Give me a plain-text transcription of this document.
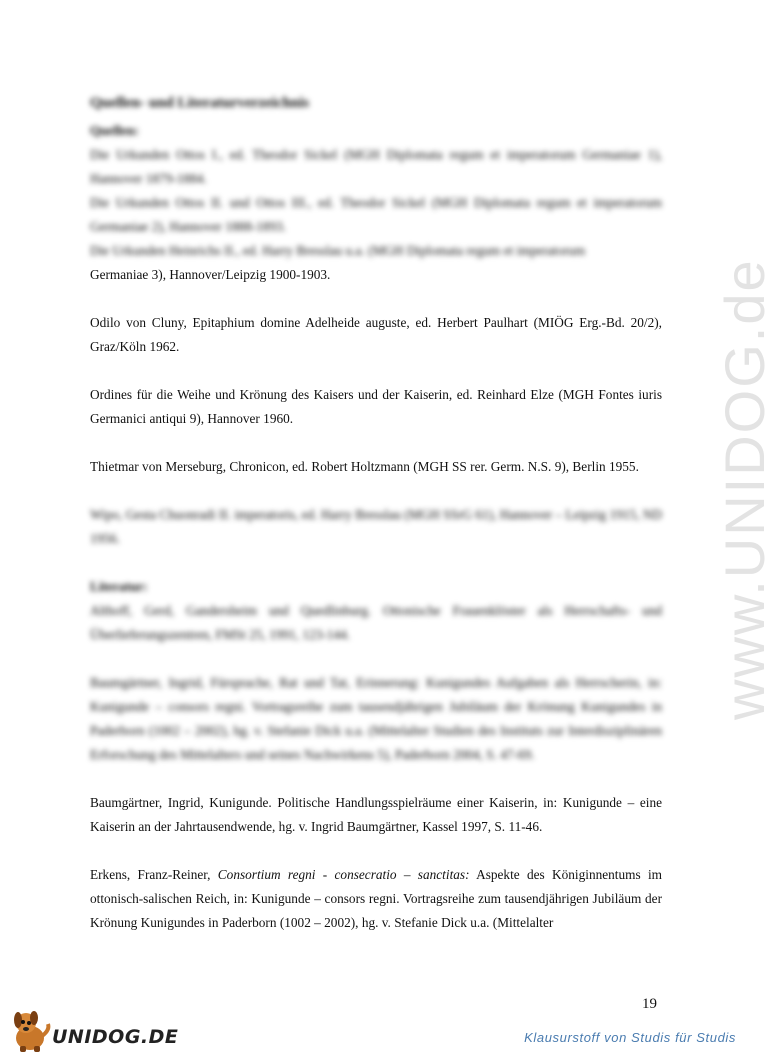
www.UNIDOG.de

Quellen- und Literaturverzeichnis

Quellen:

Die Urkunden Ottos I., ed. Theodor Sickel (MGH Diplomata regum et imperatorum Germaniae 1), Hannover 1879-1884.

Die Urkunden Ottos II. und Ottos III., ed. Theodor Sickel (MGH Diplomata regum et imperatorum Germaniae 2), Hannover 1888-1893.

Die Urkunden Heinrichs II., ed. Harry Bresslau u.a. (MGH Diplomata regum et imperatorum

Germaniae 3), Hannover/Leipzig 1900-1903.

Odilo von Cluny, Epitaphium domine Adelheide auguste, ed. Herbert Paulhart (MIÖG Erg.-Bd. 20/2), Graz/Köln 1962.

Ordines für die Weihe und Krönung des Kaisers und der Kaiserin, ed. Reinhard Elze (MGH Fontes iuris Germanici antiqui 9), Hannover 1960.

Thietmar von Merseburg, Chronicon, ed. Robert Holtzmann (MGH SS rer. Germ. N.S. 9), Berlin 1955.

Wipo, Gesta Chuonradi II. imperatoris, ed. Harry Bresslau (MGH SSrG 61), Hannover – Leipzig 1915, ND 1956.

Literatur:

Althoff, Gerd, Gandersheim und Quedlinburg. Ottonische Frauenklöster als Herrschafts- und Überlieferungszentren, FMSt 25, 1991, 123-144.

Baumgärtner, Ingrid, Fürsprache, Rat und Tat, Erinnerung: Kunigundes Aufgaben als Herrscherin, in: Kunigunde – consors regni. Vortragsreihe zum tausendjährigen Jubiläum der Krönung Kunigundes in Paderborn (1002 – 2002), hg. v. Stefanie Dick u.a. (Mittelalter Studien des Instituts zur Interdisziplinären Erforschung des Mittelalters und seines Nachwirkens 5), Paderborn 2004, S. 47-69.

Baumgärtner, Ingrid, Kunigunde. Politische Handlungsspielräume einer Kaiserin, in: Kunigunde – eine Kaiserin an der Jahrtausendwende, hg. v. Ingrid Baumgärtner, Kassel 1997, S. 11-46.

Erkens, Franz-Reiner, Consortium regni - consecratio – sanctitas: Aspekte des Königinnentums im ottonisch-salischen Reich, in: Kunigunde – consors regni. Vortragsreihe zum tausendjährigen Jubiläum der Krönung Kunigundes in Paderborn (1002 – 2002), hg. v. Stefanie Dick u.a. (Mittelalter

19
UNIDOG.DE	Klausurstoff von Studis für Studis
